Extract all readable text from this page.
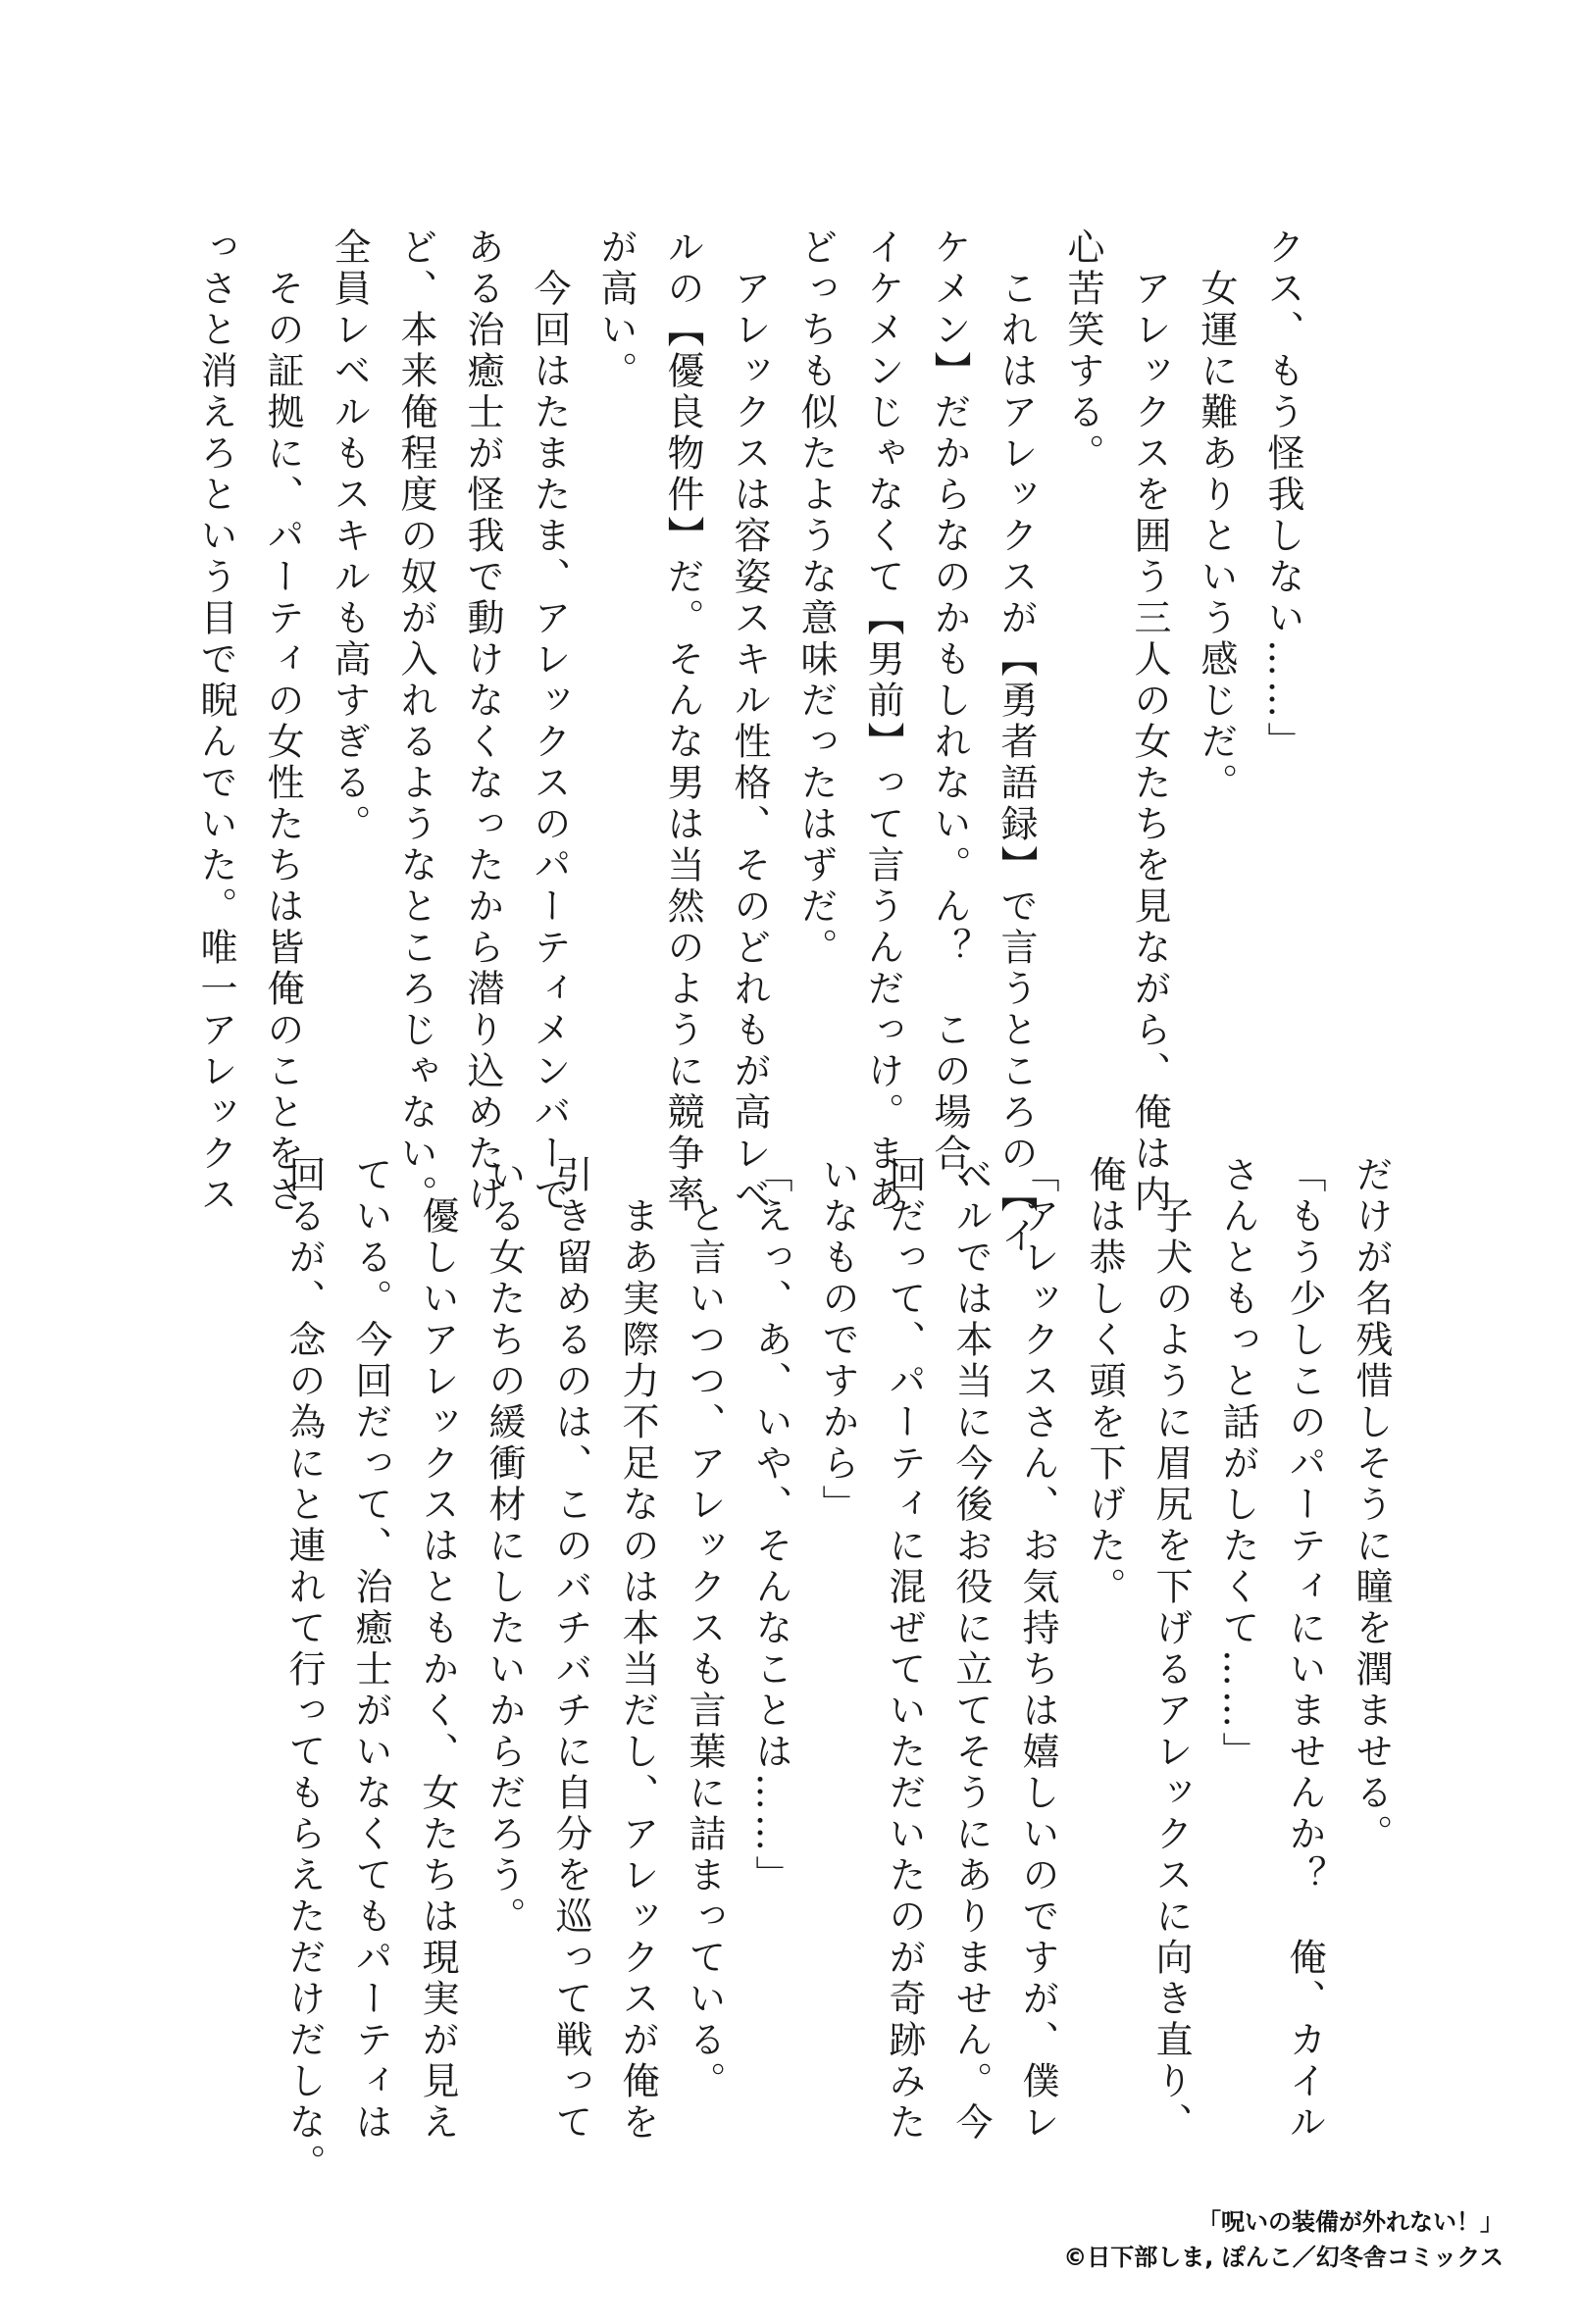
クス、もう怪我しない……」
　女運に難ありという感じだ。
　アレックスを囲う三人の女たちを見ながら、俺は内
心苦笑する。
　これはアレックスが【勇者語録】で言うところの【イ
ケメン】だからなのかもしれない。ん？　この場合、
イケメンじゃなくて【男前】って言うんだっけ。まあ
どっちも似たような意味だったはずだ。
　アレックスは容姿スキル性格、そのどれもが高レベ
ルの【優良物件】だ。そんな男は当然のように競争率
が高い。
　今回はたまたま、アレックスのパーティメンバーで
ある治癒士が怪我で動けなくなったから潜り込めたけ
ど、本来俺程度の奴が入れるようなところじゃない。
全員レベルもスキルも高すぎる。
　その証拠に、パーティの女性たちは皆俺のことをさ
っさと消えろという目で睨んでいた。唯一アレックス
だけが名残惜しそうに瞳を潤ませる。
「もう少しこのパーティにいませんか？　俺、カイル
さんともっと話がしたくて……」
　子犬のように眉尻を下げるアレックスに向き直り、
俺は恭しく頭を下げた。
「アレックスさん、お気持ちは嬉しいのですが、僕レ
ベルでは本当に今後お役に立てそうにありません。今
回だって、パーティに混ぜていただいたのが奇跡みた
いなものですから」
「えっ、あ、いや、そんなことは……」
　と言いつつ、アレックスも言葉に詰まっている。
　まあ実際力不足なのは本当だし、アレックスが俺を
引き留めるのは、このバチバチに自分を巡って戦って
いる女たちの緩衝材にしたいからだろう。
　優しいアレックスはともかく、女たちは現実が見え
ている。今回だって、治癒士がいなくてもパーティは
回るが、念の為にと連れて行ってもらえただけだしな。
「呪いの装備が外れない！」
©日下部しま, ぽんこ／幻冬舎コミックス
